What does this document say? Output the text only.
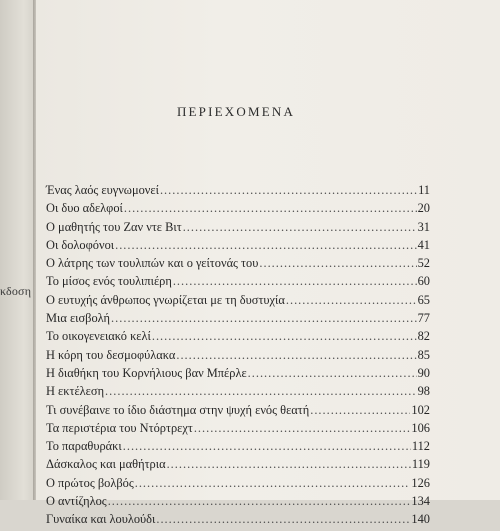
κδοση
ΠΕΡΙΕΧΟΜΕΝΑ
Ένας λαός ευγνωμονεί .....	11
Οι δυο αδελφοί .....	20
Ο μαθητής του Ζαν ντε Βιτ .....	31
Οι δολοφόνοι .....	41
Ο λάτρης των τουλιπών και ο γείτονάς του .....	52
Το μίσος ενός τουλιπιέρη .....	60
Ο ευτυχής άνθρωπος γνωρίζεται με τη δυστυχία .....	65
Μια εισβολή .....	77
Το οικογενειακό κελί .....	82
Η κόρη του δεσμοφύλακα .....	85
Η διαθήκη του Κορνήλιους βαν Μπέρλε .....	90
Η εκτέλεση .....	98
Τι συνέβαινε το ίδιο διάστημα στην ψυχή ενός θεατή .....	102
Τα περιστέρια του Ντόρτρεχτ .....	106
Το παραθυράκι .....	112
Δάσκαλος και μαθήτρια .....	119
Ο πρώτος βολβός .....	126
Ο αντίζηλος .....	134
Γυναίκα και λουλούδι .....	140
